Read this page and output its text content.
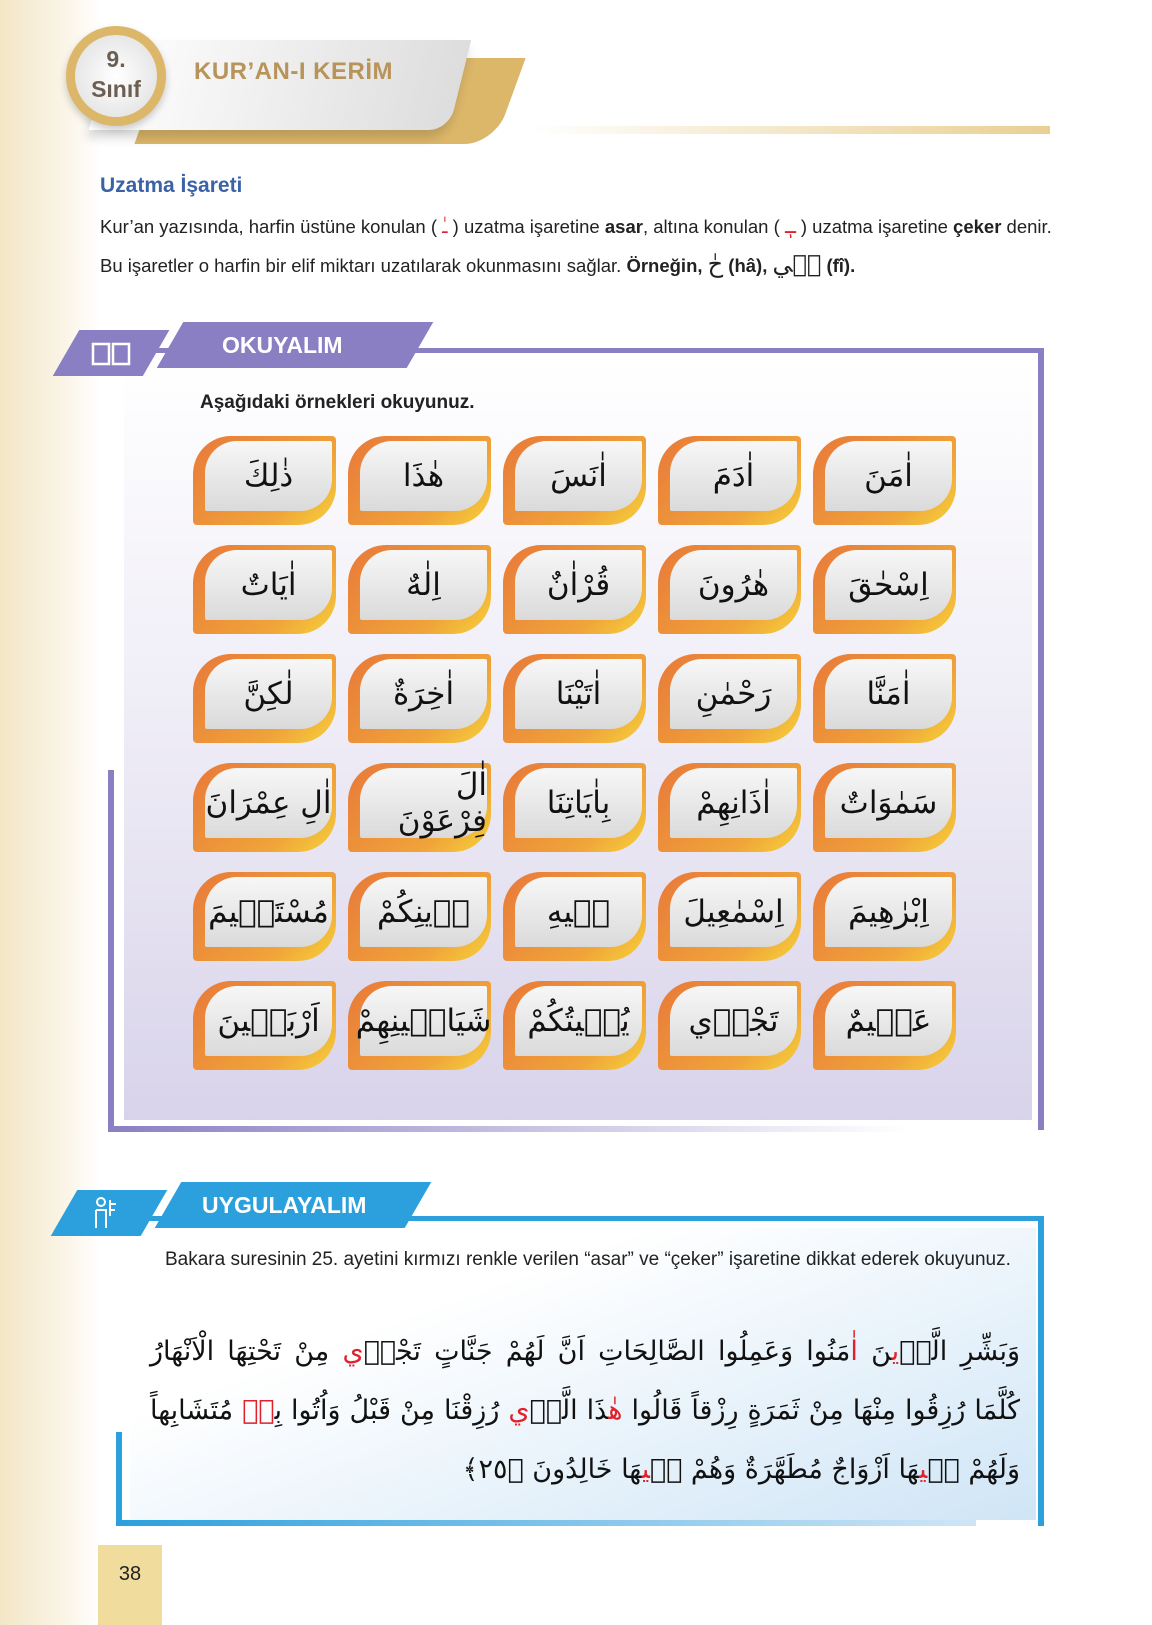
9.
Sınıf
KUR’AN-I KERİM
Uzatma İşareti
Kur’an yazısında, harfin üstüne konulan ( ـٰ ) uzatma işaretine asar, altına konulan ( ـٖ ) uzatma işaretine çeker denir. Bu işaretler o harfin bir elif miktarı uzatılarak okunmasını sağlar. Örneğin, حٰ (hâ), فٖي (fî).
OKUYALIM
Aşağıdaki örnekleri okuyunuz.
اٰمَنَ
اٰدَمَ
اٰنَسَ
هٰذَا
ذٰلِكَ
اِسْحٰقَ
هٰرُونَ
قُرْاٰنٌ
اِلٰهٌ
اٰيَاتٌ
اٰمَنَّا
رَحْمٰنِ
اٰتَيْنَا
اٰخِرَةٌ
لٰكِنَّ
سَمٰوَاتٌ
اٰذَانِهِمْ
بِاٰيَاتِنَا
اٰلَ فِرْعَوْنَ
اٰلِ عِمْرَانَ
اِبْرٰهِيمَ
اِسْمٰعِيلَ
فٖيهِ
دٖينِكُمْ
مُسْتَقٖيمَ
عَلٖيمٌ
تَجْرٖي
يُمٖيتُكُمْ
شَيَاطٖينِهِمْ
اَرْبَعٖينَ
UYGULAYALIM
Bakara suresinin 25. ayetini kırmızı renkle verilen “asar” ve “çeker” işaretine dikkat ederek okuyunuz.
وَبَشِّرِ الَّذٖينَ اٰمَنُوا وَعَمِلُوا الصَّالِحَاتِ اَنَّ لَهُمْ جَنَّاتٍ تَجْرٖي مِنْ تَحْتِهَا الْاَنْهَارُ
كُلَّمَا رُزِقُوا مِنْهَا مِنْ ثَمَرَةٍ رِزْقاً قَالُوا هٰذَا الَّذٖي رُزِقْنَا مِنْ قَبْلُ وَاُتُوا بِهٖ مُتَشَابِهاً
وَلَهُمْ فٖيهَا اَزْوَاجٌ مُطَهَّرَةٌ وَهُمْ فٖيهَا خَالِدُونَ ﴿٢٥﴾
38
